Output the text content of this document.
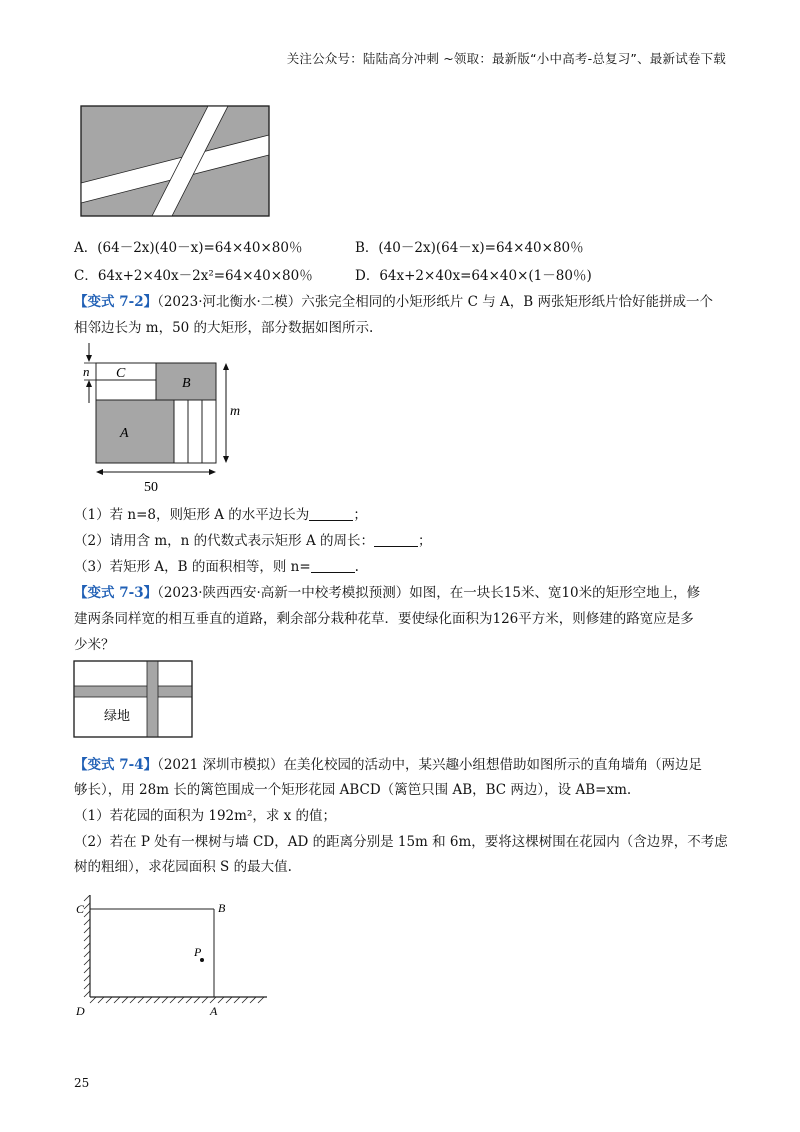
关注公众号：陆陆高分冲刺 ~领取：最新版“小中高考-总复习”、最新试卷下载
A．(64－2x)(40－x)=64×40×80％	B．(40－2x)(64－x)=64×40×80％
C．64x+2×40x－2x²=64×40×80％	D．64x+2×40x=64×40×(1－80％)
【变式 7-2】（2023·河北衡水·二模）六张完全相同的小矩形纸片 C 与 A，B 两张矩形纸片恰好能拼成一个
相邻边长为 m，50 的大矩形，部分数据如图所示.
n C
B
A
m
50
（1）若 n=8，则矩形 A 的水平边长为	；
（2）请用含 m，n 的代数式表示矩形 A 的周长：	；
（3）若矩形 A，B 的面积相等，则 n=	.
【变式 7-3】（2023·陕西西安·高新一中校考模拟预测）如图，在一块长15米、宽10米的矩形空地上，修
建两条同样宽的相互垂直的道路，剩余部分栽种花草．要使绿化面积为126平方米，则修建的路宽应是多
少米？
绿地
【变式 7-4】（2021 深圳市模拟）在美化校园的活动中，某兴趣小组想借助如图所示的直角墙角（两边足
够长），用 28m 长的篱笆围成一个矩形花园 ABCD（篱笆只围 AB，BC 两边），设 AB=xm.
（1）若花园的面积为 192m²，求 x 的值；
（2）若在 P 处有一棵树与墙 CD，AD 的距离分别是 15m 和 6m，要将这棵树围在花园内（含边界，不考虑
树的粗细），求花园面积 S 的最大值.
P
C	B
D	A
25
